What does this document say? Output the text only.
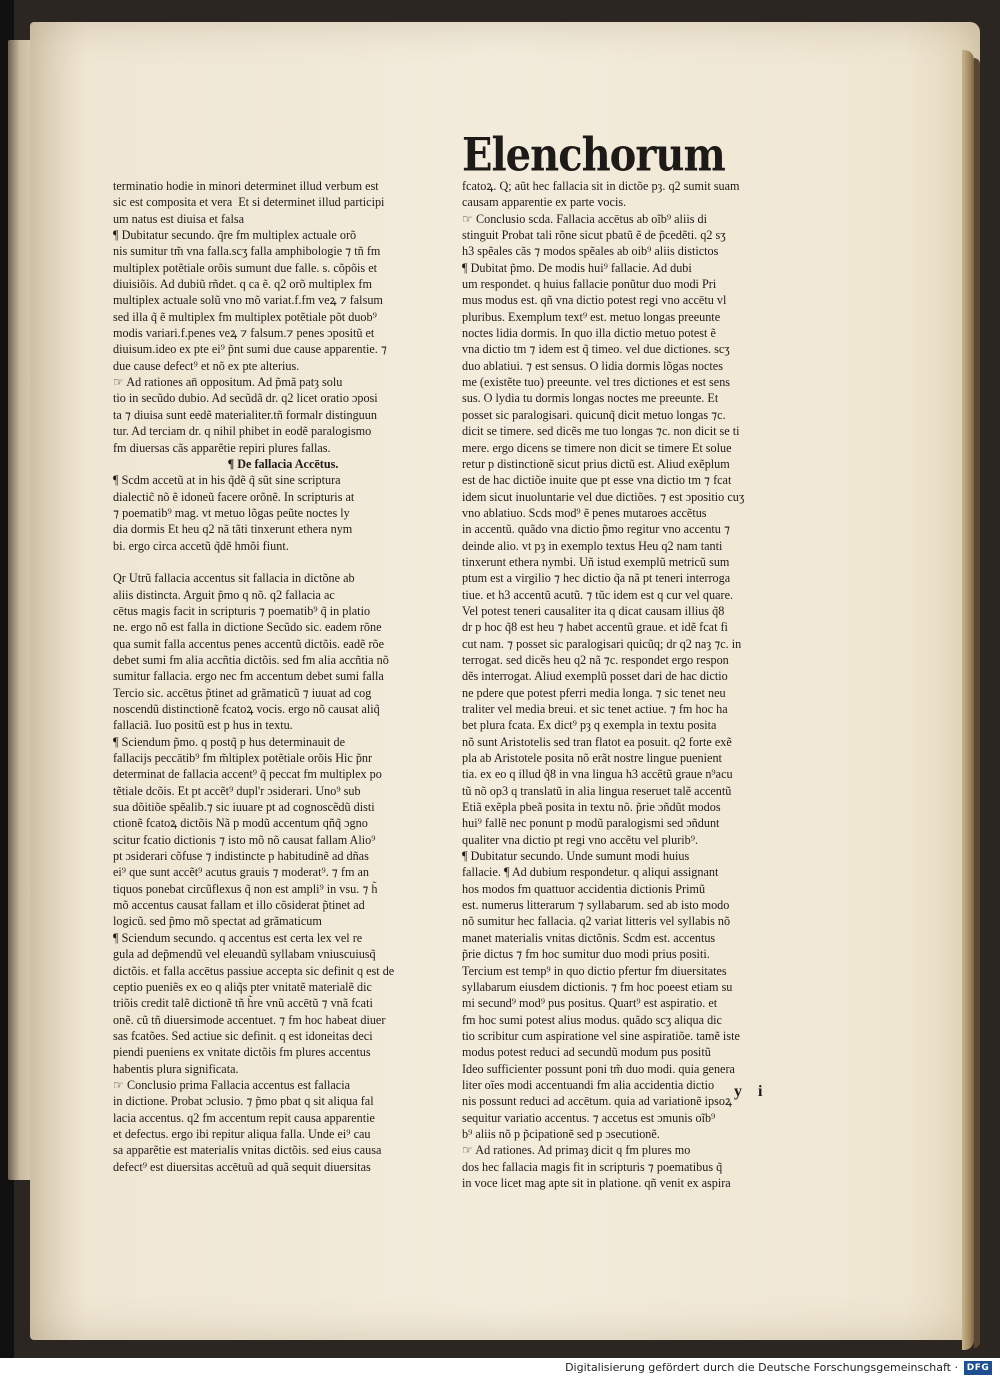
Elenchorum
terminatio hodie in minori determinet illud verbum est
sic est composita et vera  Et si determinet illud participi
um natus est diuisa et falsa
¶ Dubitatur secundo. q̃re fm multiplex actuale orõ
nis sumitur tm̃ vna falla.scʒ falla amphibologie ⁊ tñ fm
multiplex potẽtiale orõis sumunt due falle. s. cõpõis et
diuisiõis. Ad dubiũ rñdet. q ca ẽ. q2 orõ multiplex fm
multiplex actuale solũ vno mõ variat.f.fm veꝝ ⁊ falsum
sed illa q̃ ẽ multiplex fm multiplex potẽtiale põt duob⁹
modis variari.f.penes veꝝ ⁊ falsum.⁊ penes ɔpositũ et
diuisum.ideo ex pte ei⁹ p̃nt sumi due cause apparentie. ⁊
due cause defect⁹ et nõ ex pte alterius.
☞ Ad rationes an̄ oppositum. Ad p̃mã patȝ solu
tio in secũdo dubio. Ad secũdã dr. q2 licet oratio ɔposi
ta ⁊ diuisa sunt eedẽ materialiter.tñ formalr distinguun
tur. Ad terciam dr. q nihil phibet in eodẽ paralogismo
fm diuersas cãs apparẽtie repiri plures fallas.
¶ De fallacia Accētus.
¶ Scdm accetũ at in his q̃dẽ q̃ sũt sine scriptura
dialectic̃ nõ ẽ idoneũ facere orõnẽ. In scripturis at
⁊ poematib⁹ mag. vt metuo lõgas peũte noctes ly
dia dormis Et heu q2 nã tãti tinxerunt ethera nym
bi. ergo circa accetũ q̃dẽ hmõi fiunt.
Qr Utrũ fallacia accentus sit fallacia in dictõne ab
aliis distincta. Arguit p̃mo q nõ. q2 fallacia ac
cētus magis facit in scripturis ⁊ poematib⁹ q̃ in platio
ne. ergo nõ est falla in dictione Secũdo sic. eadem rõne
qua sumit falla accentus penes accentũ dictõis. eadẽ rõe
debet sumi fm alia accñtia dictõis. sed fm alia accñtia nõ
sumitur fallacia. ergo nec fm accentum debet sumi falla
Tercio sic. accētus p̃tinet ad grãmaticũ ⁊ iuuat ad cog
noscendũ distinctionẽ fcatoꝝ vocis. ergo nõ causat aliq̃
fallaciã. Iuo positũ est p hus in textu.
¶ Sciendum p̃mo. q postq̃ p hus determinauit de
fallacijs peccātib⁹ fm m̃ltiplex potẽtiale orõis Hic p̃nr
determinat de fallacia accent⁹ q̃ peccat fm multiplex po
tẽtiale dcõis. Et pt accẽt⁹ dupl'r ɔsiderari. Uno⁹ sub
sua dõitiõe spẽalib.⁊ sic iuuare pt ad cognoscẽdũ disti
ctionẽ fcatoꝝ dictõis Nã p modũ accentum qñq̃ ɔgno
scitur fcatio dictionis ⁊ isto mõ nõ causat fallam Alio⁹
pt ɔsiderari cõfuse ⁊ indistincte p habitudinẽ ad dñas
ei⁹ que sunt accẽt⁹ acutus grauis ⁊ moderat⁹. ⁊ fm an
tiquos ponebat circũflexus q̃ non est ampli⁹ in vsu. ⁊ h̃
mõ accentus causat fallam et illo cõsiderat p̃tinet ad
logicũ. sed p̃mo mõ spectat ad grãmaticum
¶ Sciendum secundo. q accentus est certa lex vel re
gula ad dep̃mendũ vel eleuandũ syllabam vniuscuiusq̃
dictõis. et falla accētus passiue accepta sic definit q est de
ceptio pueniẽs ex eo q aliq̃s pter vnitatẽ materialẽ dic
triõis credit talẽ dictionẽ tñ h̃re vnũ accētũ ⁊ vnã fcati
onẽ. cũ tñ diuersimode accentuet. ⁊ fm hoc habeat diuer
sas fcatões. Sed actiue sic definit. q est idoneitas deci
piendi pueniens ex vnitate dictõis fm plures accentus
habentis plura significata.
☞ Conclusio prima Fallacia accentus est fallacia
in dictione. Probat ɔclusio. ⁊ p̃mo pbat q sit aliqua fal
lacia accentus. q2 fm accentum repit causa apparentie
et defectus. ergo ibi repitur aliqua falla. Unde ei⁹ cau
sa apparẽtie est materialis vnitas dictõis. sed eius causa
defect⁹ est diuersitas accētuũ ad quã sequit diuersitas
fcatoꝝ. Q; aũt hec fallacia sit in dictõe pȝ. q2 sumit suam
causam apparentie ex parte vocis.
☞ Conclusio scda. Fallacia accētus ab oĩb⁹ aliis di
stinguit Probat tali rõne sicut pbatũ ẽ de p̃cedẽti. q2 sʒ
h3 spẽales cãs ⁊ modos spẽales ab oib⁹ aliis distictos
¶ Dubitat p̃mo. De modis hui⁹ fallacie. Ad dubi
um respondet. q huius fallacie ponũtur duo modi Pri
mus modus est. qñ vna dictio potest regi vno accētu vl
pluribus. Exemplum text⁹ est. metuo longas preeunte
noctes lidia dormis. In quo illa dictio metuo potest ẽ
vna dictio tm ⁊ idem est q̃ timeo. vel due dictiones. scʒ
duo ablatiui. ⁊ est sensus. O lidia dormis lõgas noctes
me (existẽte tuo) preeunte. vel tres dictiones et est sens
sus. O lydia tu dormis longas noctes me preeunte. Et
posset sic paralogisari. quicunq̃ dicit metuo longas ⁊c.
dicit se timere. sed dicẽs me tuo longas ⁊c. non dicit se ti
mere. ergo dicens se timere non dicit se timere Et solue
retur p distinctionẽ sicut prius dictũ est. Aliud exẽplum
est de hac dictiõe inuite que pt esse vna dictio tm ⁊ fcat
idem sicut inuoluntarie vel due dictiões. ⁊ est ɔpositio cuʒ
vno ablatiuo. Scds mod⁹ ẽ penes mutaroes accẽtus
in accentũ. quãdo vna dictio p̃mo regitur vno accentu ⁊
deinde alio. vt pȝ in exemplo textus Heu q2 nam tanti
tinxerunt ethera nymbi. Uñ istud exemplũ metricũ sum
ptum est a virgilio ⁊ hec dictio q̃a nã pt teneri interroga
tiue. et h3 accentũ acutũ. ⁊ tũc idem est q cur vel quare.
Vel potest teneri causaliter ita q dicat causam illius q̃8
dr p hoc q̃8 est heu ⁊ habet accentũ graue. et idẽ fcat fi
cut nam. ⁊ posset sic paralogisari quicũq; dr q2 naȝ ⁊c. in
terrogat. sed dicẽs heu q2 nã ⁊c. respondet ergo respon
dẽs interrogat. Aliud exemplũ posset dari de hac dictio
ne pdere que potest pferri media longa. ⁊ sic tenet neu
traliter vel media breui. et sic tenet actiue. ⁊ fm hoc ha
bet plura fcata. Ex dict⁹ pȝ q exempla in textu posita
nõ sunt Aristotelis sed tran flatot ea posuit. q2 forte exẽ
pla ab Aristotele posita nõ erãt nostre lingue puenient
tia. ex eo q illud q̃8 in vna lingua h3 accẽtũ graue n⁹acu
tũ nõ op3 q translatũ in alia lingua reseruet talẽ accentũ
Etiã exẽpla pbeã posita in textu nõ. p̃rie ɔñdũt modos
hui⁹ fallẽ nec ponunt p modũ paralogismi sed ɔñdunt
qualiter vna dictio pt regi vno accẽtu vel plurib⁹.
¶ Dubitatur secundo. Unde sumunt modi huius
fallacie. ¶ Ad dubium respondetur. q aliqui assignant
hos modos fm quattuor accidentia dictionis Primũ
est. numerus litterarum ⁊ syllabarum. sed ab isto modo
nõ sumitur hec fallacia. q2 variat litteris vel syllabis nõ
manet materialis vnitas dictõnis. Scdm est. accentus
p̃rie dictus ⁊ fm hoc sumitur duo modi prius positi.
Tercium est temp⁹ in quo dictio pfertur fm diuersitates
syllabarum eiusdem dictionis. ⁊ fm hoc poeest etiam su
mi secund⁹ mod⁹ pus positus. Quart⁹ est aspiratio. et
fm hoc sumi potest alius modus. quãdo scʒ aliqua dic
tio scribitur cum aspiratione vel sine aspiratiõe. tamẽ iste
modus potest reduci ad secundũ modum pus positũ
Ideo sufficienter possunt poni tm̃ duo modi. quia genera
liter oĩes modi accentuandi fm alia accidentia dictio
nis possunt reduci ad accētum. quia ad variationẽ ipsoꝝ
sequitur variatio accentus. ⁊ accetus est ɔmunis oĩb⁹
b⁹ aliis nõ p p̃cipationẽ sed p ɔsecutionẽ.
☞ Ad rationes. Ad primaȝ dicit q fm plures mo
dos hec fallacia magis fit in scripturis ⁊ poematibus q̃
in voce licet mag apte sit in platione. qñ venit ex aspira
y i
Digitalisierung gefördert durch die Deutsche Forschungsgemeinschaft · DFG
